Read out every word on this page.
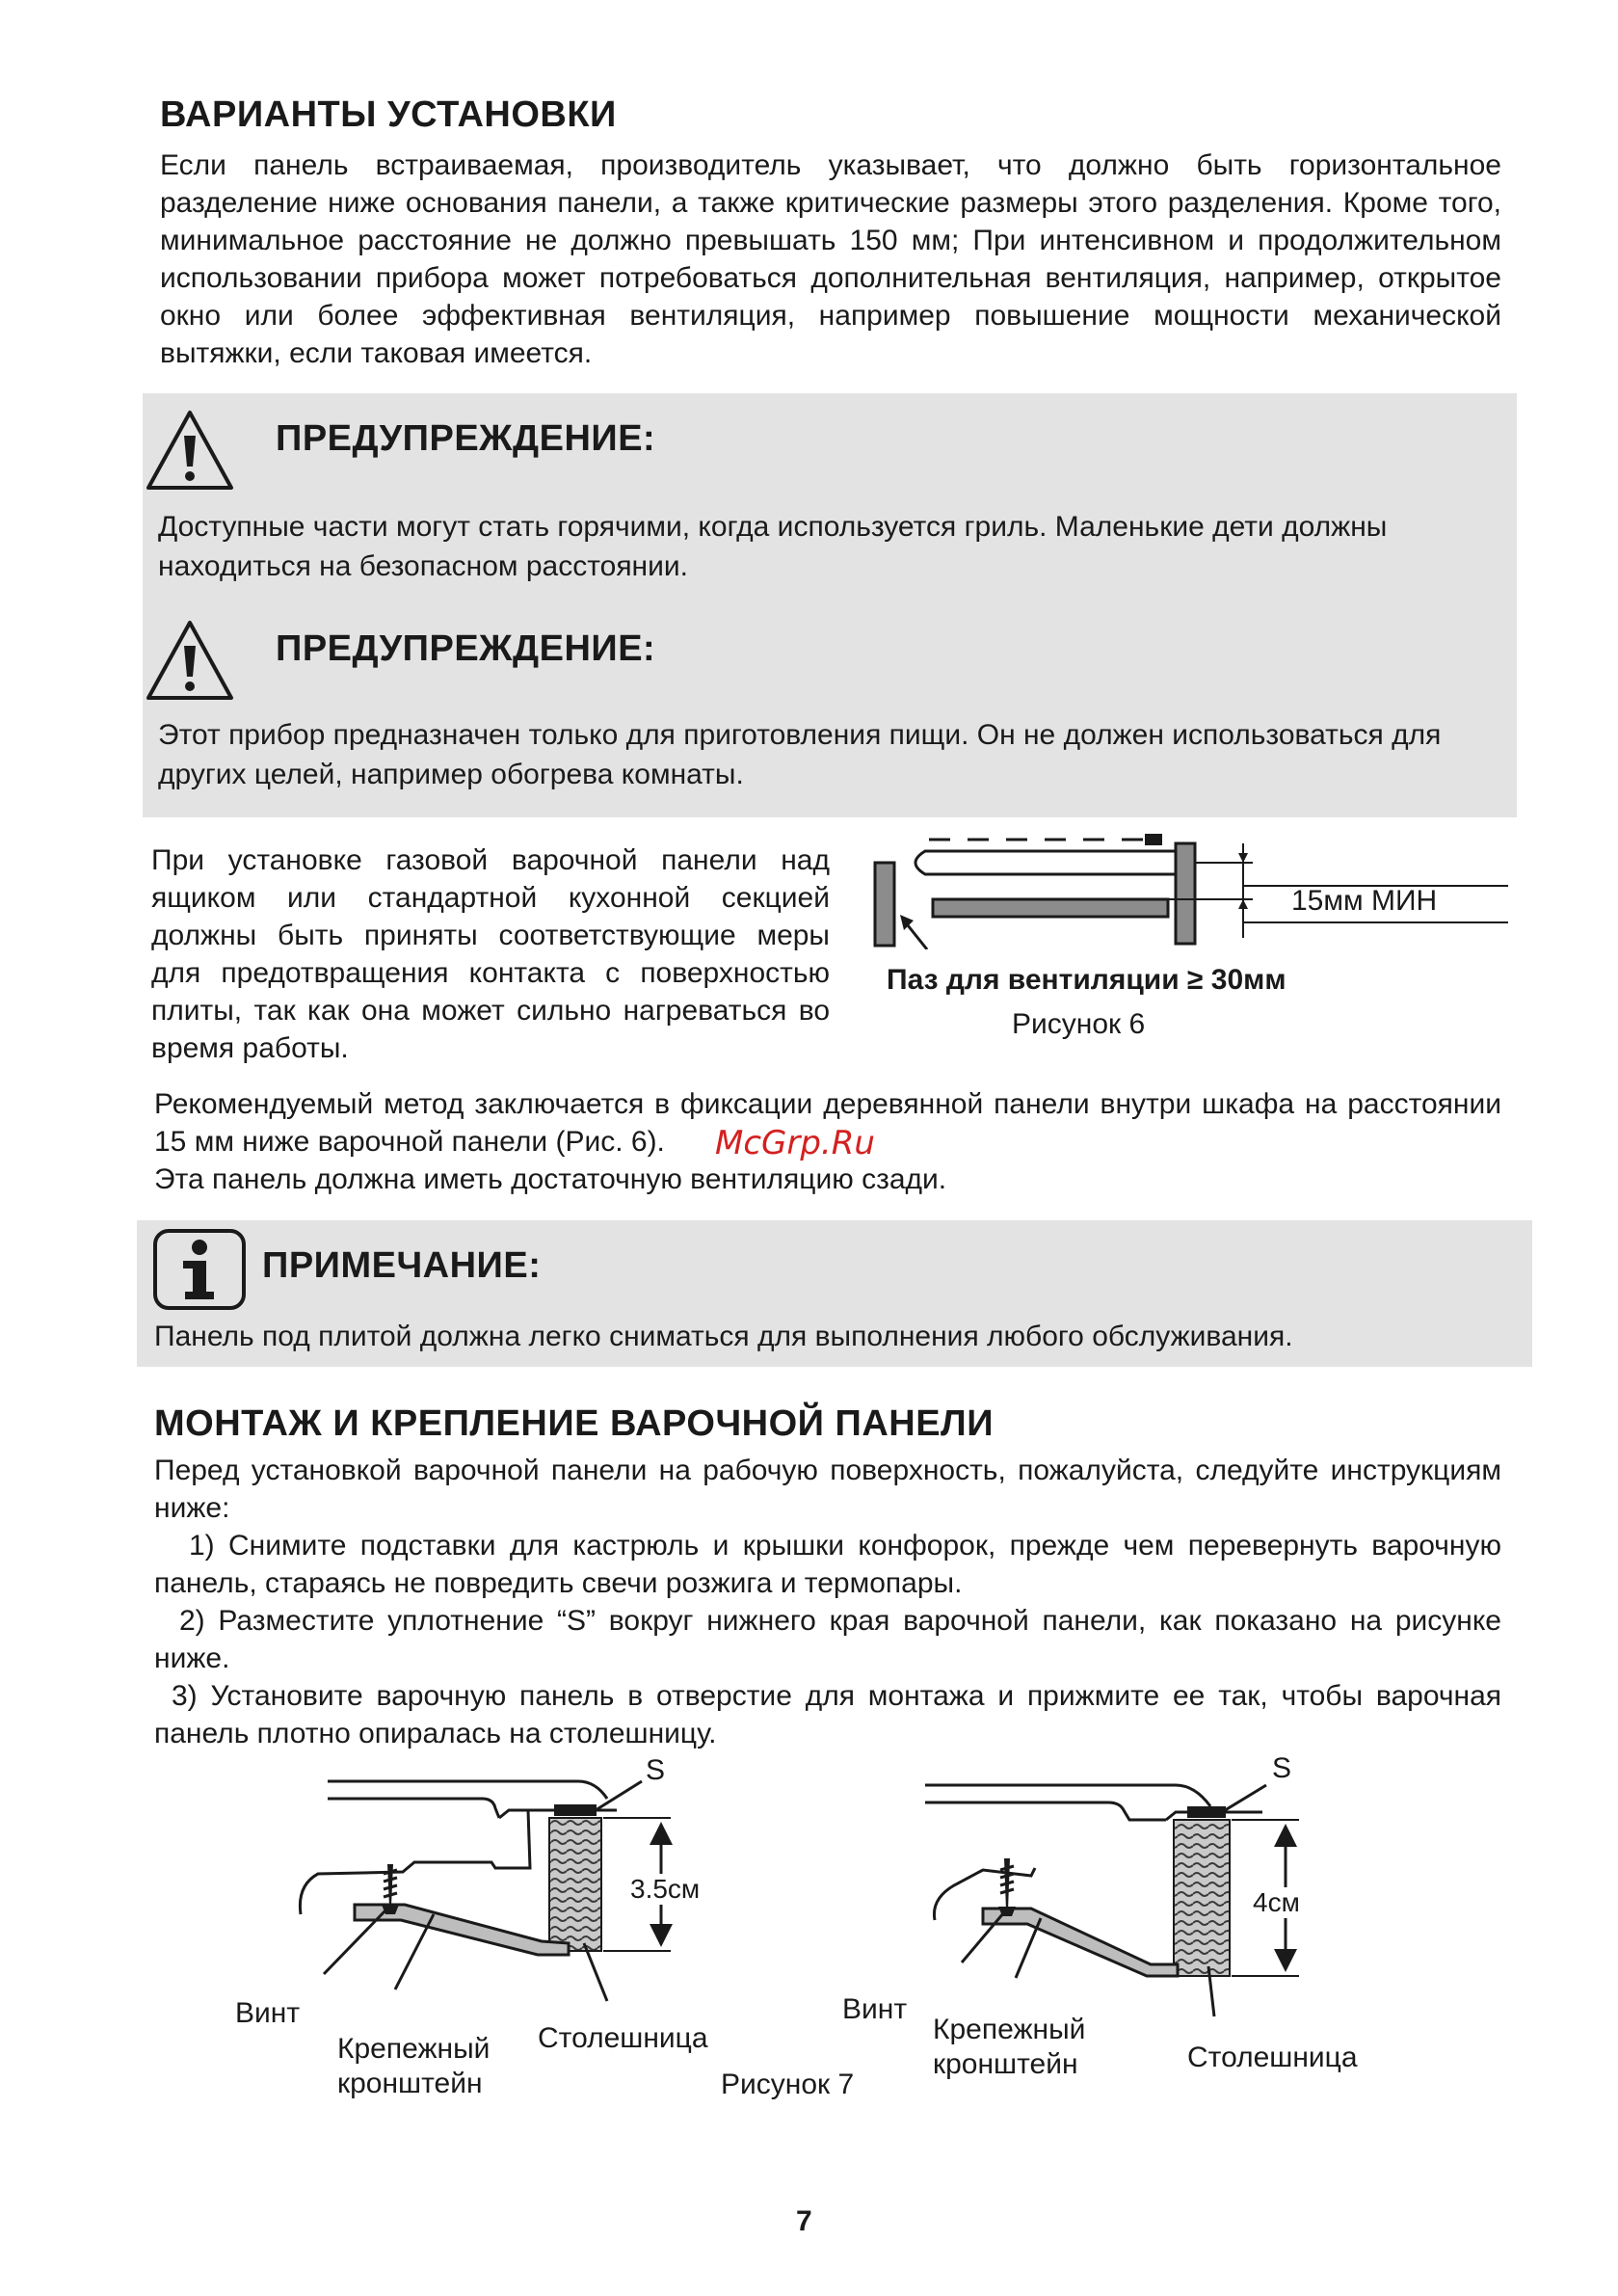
ВАРИАНТЫ УСТАНОВКИ

Если панель встраиваемая, производитель указывает, что должно быть горизонтальное разделение ниже основания панели, а также критические размеры этого разделения. Кроме того, минимальное расстояние не должно превышать 150 мм; При интенсивном и продолжительном использовании прибора может потребоваться дополнительная вентиляция, например, открытое окно или более эффективная вентиляция, например повышение мощности механической вытяжки, если таковая имеется.

ПРЕДУПРЕЖДЕНИЕ:

Доступные части могут стать горячими, когда используется гриль. Маленькие дети должны находиться на безопасном расстоянии.

ПРЕДУПРЕЖДЕНИЕ:

Этот прибор предназначен только для приготовления пищи. Он не должен использоваться для других целей, например обогрева комнаты.

При установке газовой варочной панели над ящиком или стандартной кухонной секцией должны быть приняты соответствующие меры для предотвращения контакта с поверхностью плиты, так как она может сильно нагреваться во время работы.

15мм МИН
Паз для вентиляции ≥ 30мм
Рисунок 6

Рекомендуемый метод заключается в фиксации деревянной панели внутри шкафа на расстоянии 15 мм ниже варочной панели (Рис. 6).

Эта панель должна иметь достаточную вентиляцию сзади.

McGrp.Ru
ПРИМЕЧАНИЕ:

Панель под плитой должна легко сниматься для выполнения любого обслуживания.

МОНТАЖ И КРЕПЛЕНИЕ ВАРОЧНОЙ ПАНЕЛИ

Перед установкой варочной панели на рабочую поверхность, пожалуйста, следуйте инструкциям ниже:

1) Снимите подставки для кастрюль и крышки конфорок, прежде чем перевернуть варочную панель, стараясь не повредить свечи розжига и термопары.

2) Разместите уплотнение “S” вокруг нижнего края варочной панели, как показано на рисунке ниже.

3) Установите варочную панель в отверстие для монтажа и прижмите ее так, чтобы варочная панель плотно опиралась на столешницу.

S
3.5см
Винт
Крепежный
кронштейн
Столешница
S
4см
Винт
Крепежный
кронштейн	Столешница
Рисунок 7
7
